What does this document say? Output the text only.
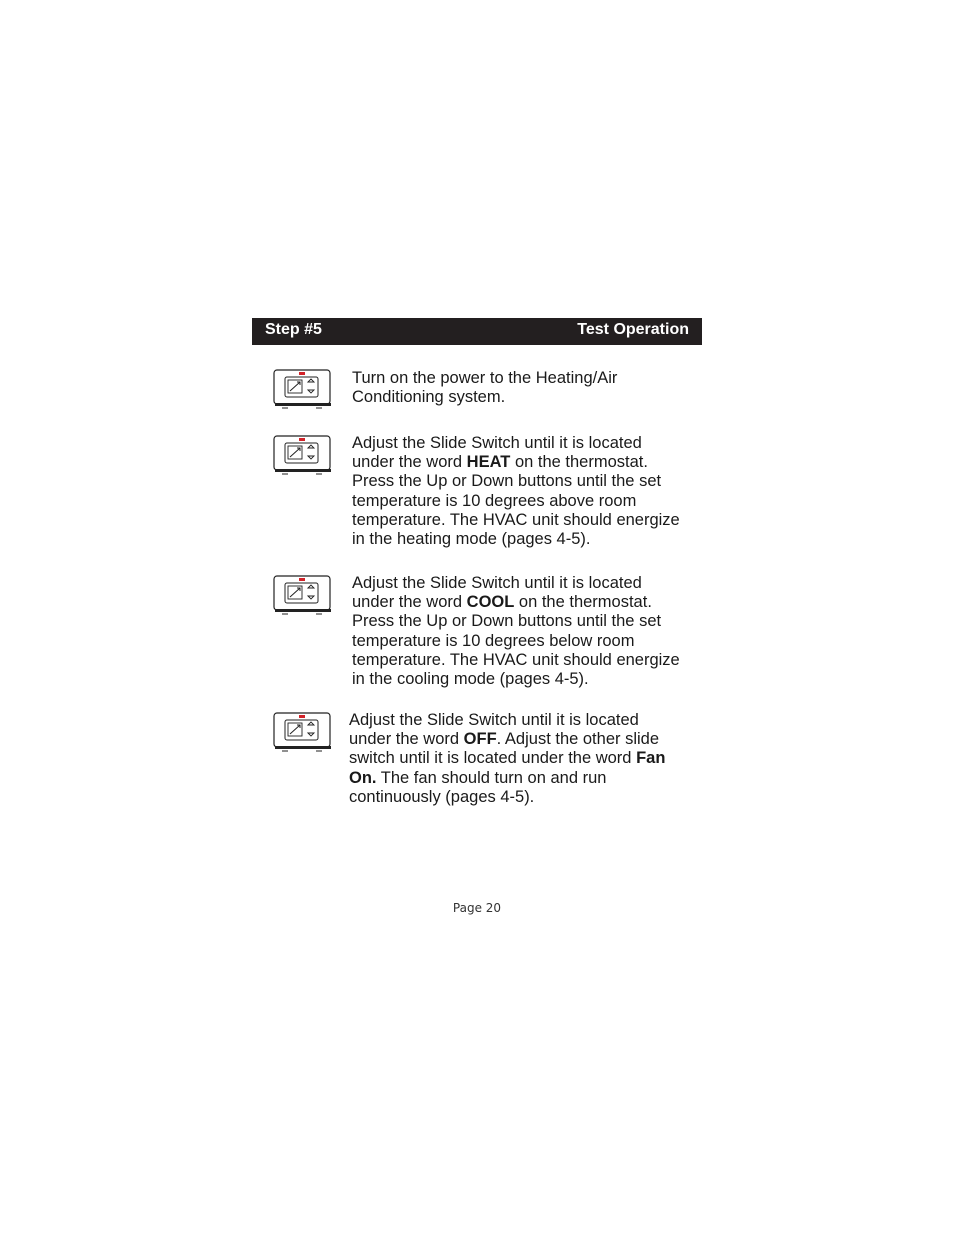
Step #5	Test Operation
Turn on the power to the Heating/Air Conditioning system.
Adjust the Slide Switch until it is located under the word HEAT on the thermostat. Press the Up or Down buttons until the set temperature is 10 degrees above room temperature. The HVAC unit should energize in the heating mode (pages 4-5).
Adjust the Slide Switch until it is located under the word COOL on the thermostat. Press the Up or Down buttons until the set temperature is 10 degrees below room temperature. The HVAC unit should energize in the cooling mode (pages 4-5).
Adjust the Slide Switch until it is located under the word OFF. Adjust the other slide switch until it is located under the word Fan On. The fan should turn on and run continuously (pages 4-5).
Page 20
